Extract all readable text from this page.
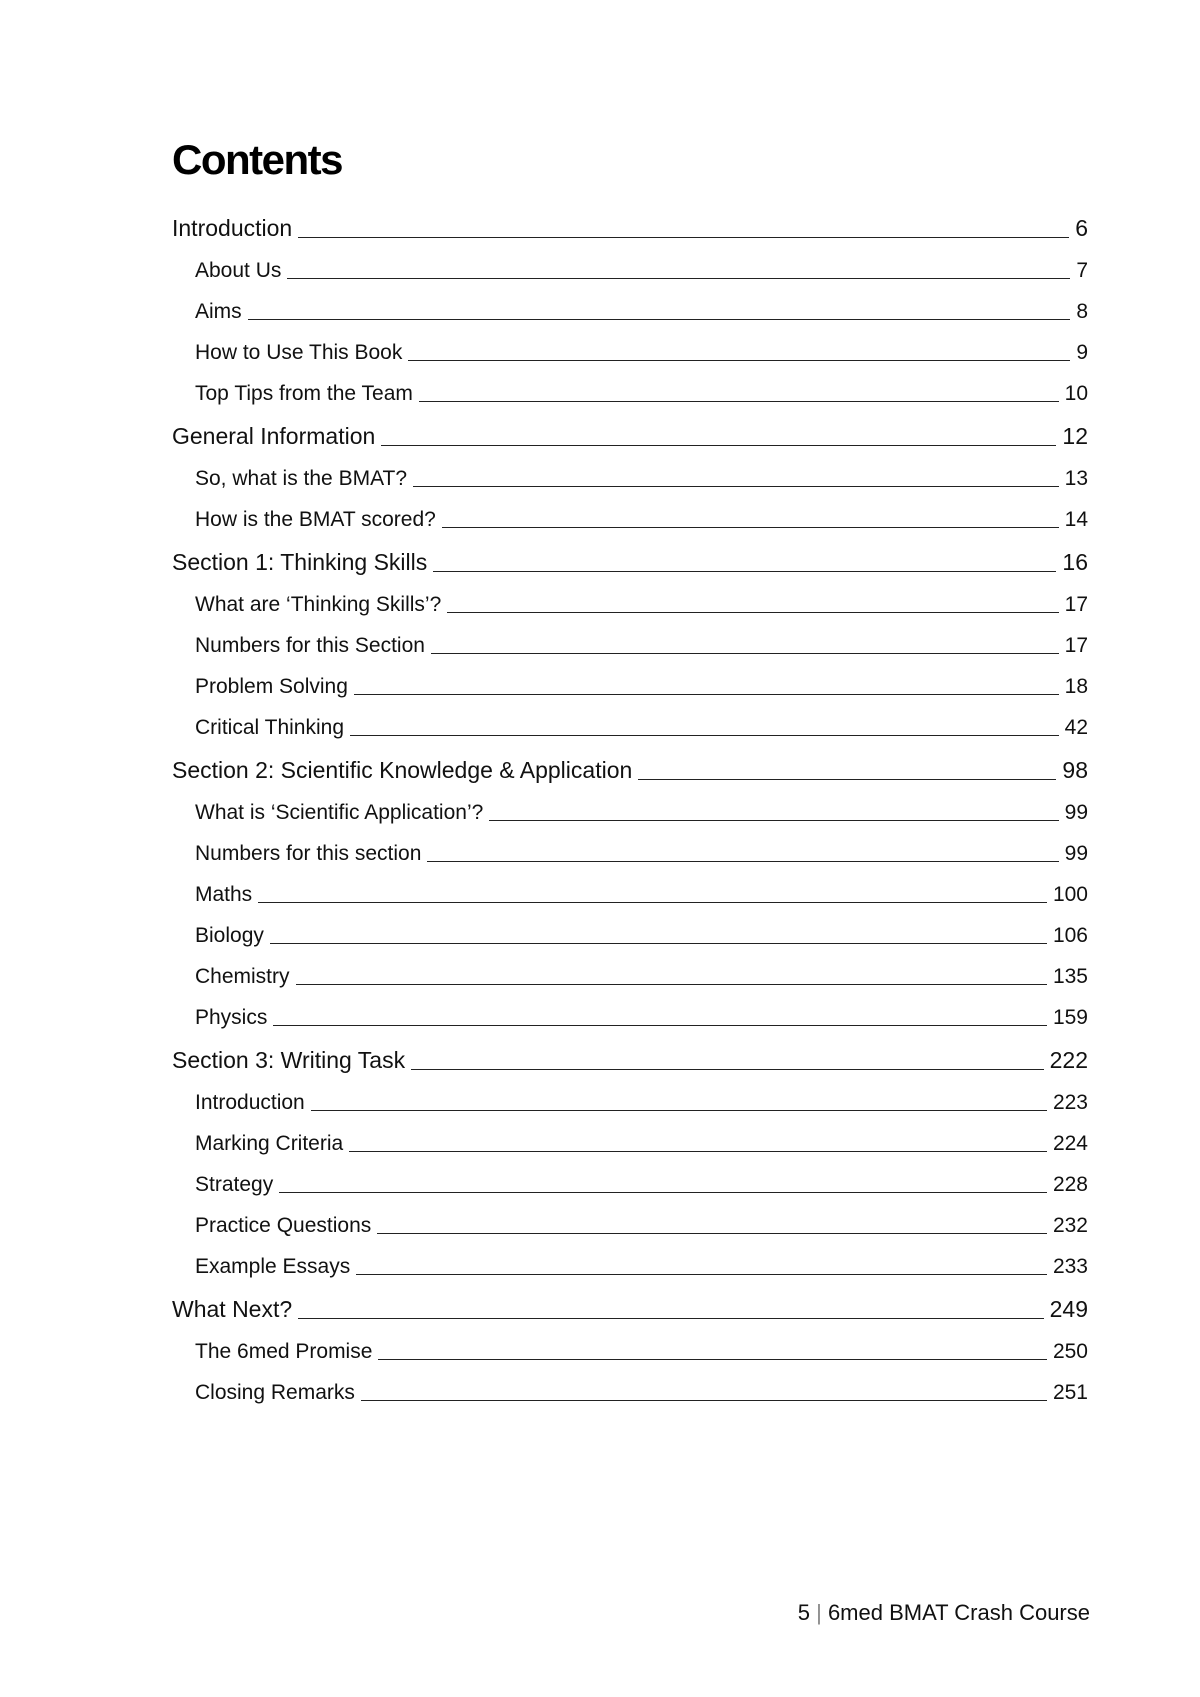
Contents
Introduction	6
About Us	7
Aims	8
How to Use This Book	9
Top Tips from the Team	10
General Information	12
So, what is the BMAT?	13
How is the BMAT scored?	14
Section 1: Thinking Skills	16
What are ‘Thinking Skills’?	17
Numbers for this Section	17
Problem Solving	18
Critical Thinking	42
Section 2: Scientific Knowledge & Application	98
What is ‘Scientific Application’?	99
Numbers for this section	99
Maths	100
Biology	106
Chemistry	135
Physics	159
Section 3: Writing Task	222
Introduction	223
Marking Criteria	224
Strategy	228
Practice Questions	232
Example Essays	233
What Next?	249
The 6med Promise	250
Closing Remarks	251
5 | 6med BMAT Crash Course
